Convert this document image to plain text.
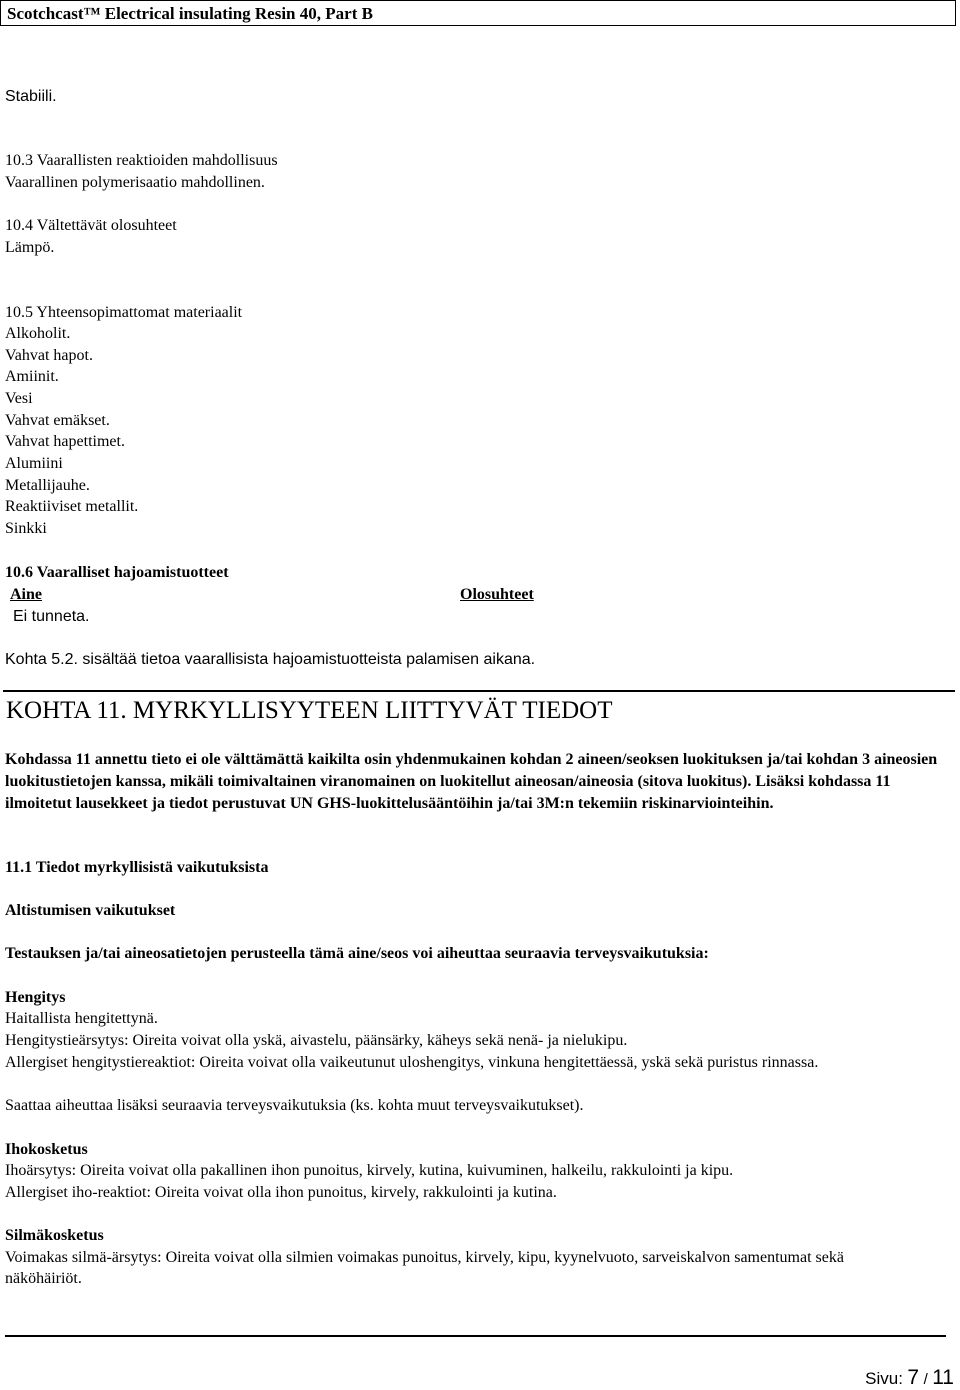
Scotchcast™ Electrical insulating Resin 40, Part B
Stabiili.
10.3 Vaarallisten reaktioiden mahdollisuus
Vaarallinen polymerisaatio mahdollinen.
10.4 Vältettävät olosuhteet
Lämpö.
10.5 Yhteensopimattomat materiaalit
Alkoholit.
Vahvat hapot.
Amiinit.
Vesi
Vahvat emäkset.
Vahvat hapettimet.
Alumiini
Metallijauhe.
Reaktiiviset metallit.
Sinkki
10.6 Vaaralliset hajoamistuotteet
Aine	Olosuhteet
Ei tunneta.
Kohta 5.2. sisältää tietoa vaarallisista hajoamistuotteista palamisen aikana.
KOHTA 11. MYRKYLLISYYTEEN LIITTYVÄT TIEDOT
Kohdassa 11 annettu tieto ei ole välttämättä kaikilta osin yhdenmukainen kohdan 2 aineen/seoksen luokituksen ja/tai kohdan 3 aineosien luokitustietojen kanssa, mikäli toimivaltainen viranomainen on luokitellut aineosan/aineosia (sitova luokitus). Lisäksi kohdassa 11 ilmoitetut lausekkeet ja tiedot perustuvat UN GHS-luokittelusääntöihin ja/tai 3M:n tekemiin riskinarviointeihin.
11.1 Tiedot myrkyllisistä vaikutuksista
Altistumisen vaikutukset
Testauksen ja/tai aineosatietojen perusteella tämä aine/seos voi aiheuttaa seuraavia terveysvaikutuksia:
Hengitys
Haitallista hengitettynä.
Hengitystieärsytys: Oireita voivat olla yskä, aivastelu, päänsärky, käheys sekä nenä- ja nielukipu.
Allergiset hengitystiereaktiot: Oireita voivat olla vaikeutunut uloshengitys, vinkuna hengitettäessä, yskä sekä puristus rinnassa.
Saattaa aiheuttaa lisäksi seuraavia terveysvaikutuksia (ks. kohta muut terveysvaikutukset).
Ihokosketus
Ihoärsytys: Oireita voivat olla pakallinen ihon punoitus, kirvely, kutina, kuivuminen, halkeilu, rakkulointi ja kipu.
Allergiset iho-reaktiot: Oireita voivat olla ihon punoitus, kirvely, rakkulointi ja kutina.
Silmäkosketus
Voimakas silmä-ärsytys: Oireita voivat olla silmien voimakas punoitus, kirvely, kipu, kyynelvuoto, sarveiskalvon samentumat sekä näköhäiriöt.
Sivu: 7 / 11
